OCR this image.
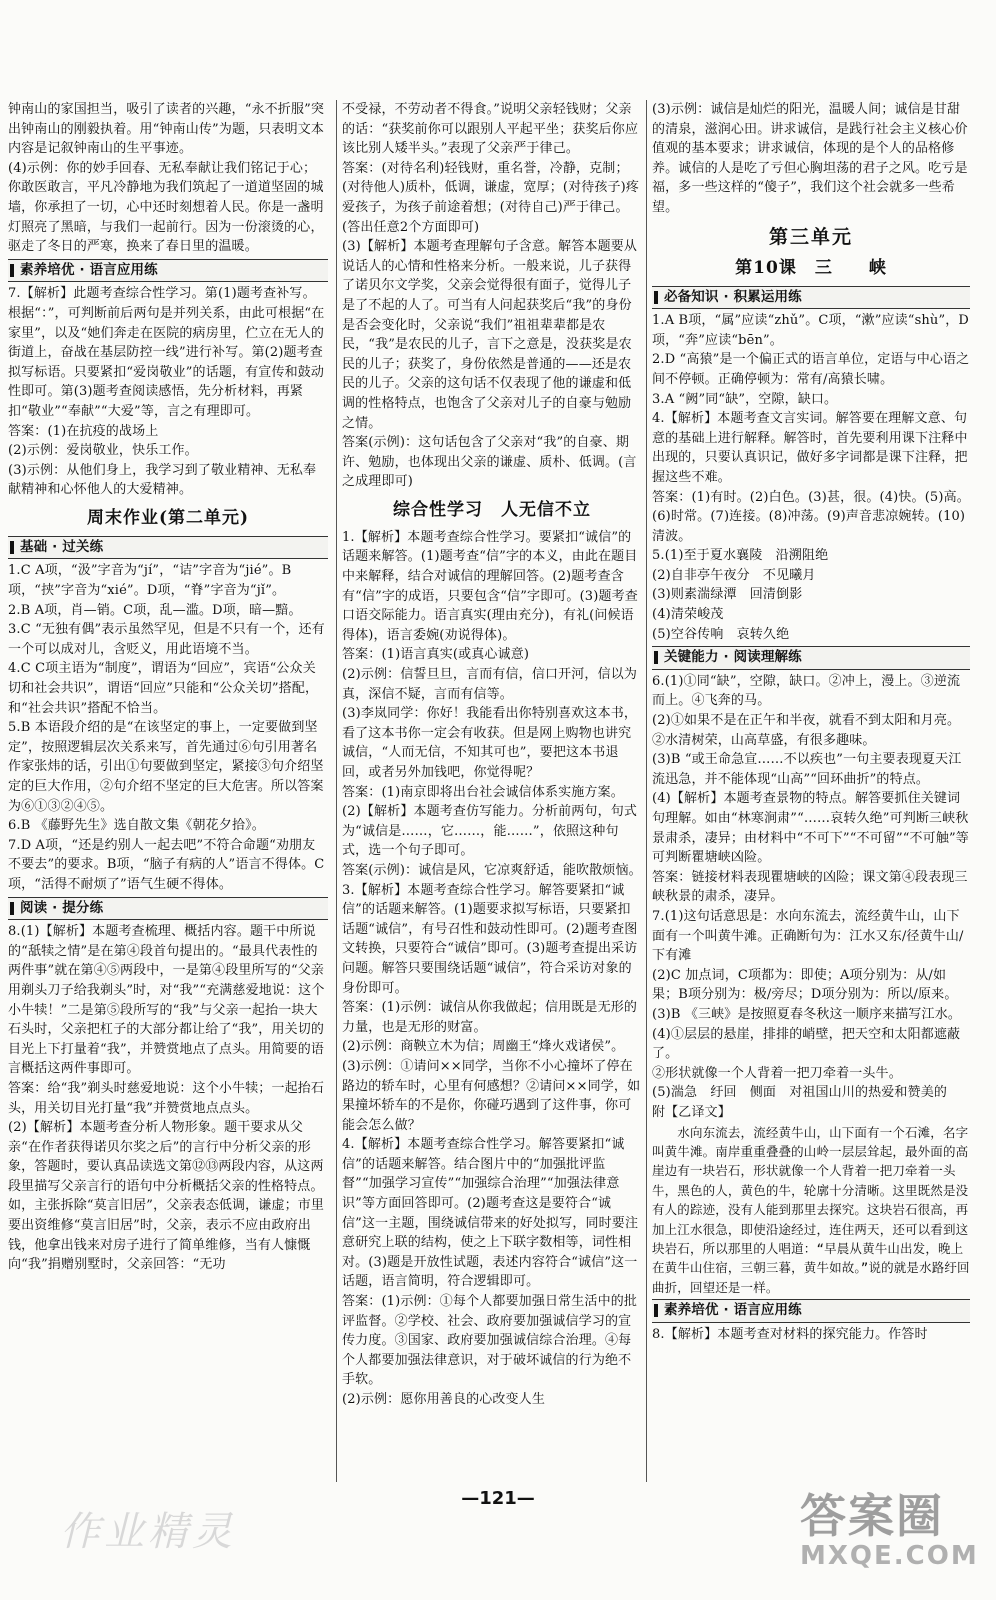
钟南山的家国担当，吸引了读者的兴趣，“永不折服”突出钟南山的刚毅执着。用“钟南山传”为题，只表明文本内容是记叙钟南山的生平事迹。
(4)示例：你的妙手回春、无私奉献让我们铭记于心；你敢医敢言，平凡冷静地为我们筑起了一道道坚固的城墙，你承担了一切，心中还时刻想着人民。你是一盏明灯照亮了黑暗，与我们一起前行。因为一份滚烫的心，驱走了冬日的严寒，换来了春日里的温暖。
素养培优 · 语言应用练
7.【解析】此题考查综合性学习。第(1)题考查补写。根据“：”，可判断前后两句是并列关系，由此可根据“在家里”，以及“她们奔走在医院的病房里，伫立在无人的街道上，奋战在基层防控一线”进行补写。第(2)题考查拟写标语。只要紧扣“爱岗敬业”的话题，有宣传和鼓动性即可。第(3)题考查阅读感悟，先分析材料，再紧扣“敬业”“奉献”“大爱”等，言之有理即可。
答案：(1)在抗疫的战场上
(2)示例：爱岗敬业，快乐工作。
(3)示例：从他们身上，我学习到了敬业精神、无私奉献精神和心怀他人的大爱精神。
周末作业(第二单元)
基础 · 过关练
1.C A项，“汲”字音为“jí”，“诘”字音为“jié”。B项，“挟”字音为“xié”。D项，“脊”字音为“jǐ”。
2.B A项，肖—销。C项，乱—滥。D项，暗—黯。
3.C “无独有偶”表示虽然罕见，但是不只有一个，还有一个可以成对儿，含贬义，用此语境不当。
4.C C项主语为“制度”，谓语为“回应”，宾语“公众关切和社会共识”，谓语“回应”只能和“公众关切”搭配，和“社会共识”搭配不恰当。
5.B 本语段介绍的是“在该坚定的事上，一定要做到坚定”，按照逻辑层次关系来写，首先通过⑥句引用著名作家张炜的话，引出①句要做到坚定，紧接③句介绍坚定的巨大作用，②句介绍不坚定的巨大危害。所以答案为⑥①③②④⑤。
6.B 《藤野先生》选自散文集《朝花夕拾》。
7.D A项，“还是约别人一起去吧”不符合命题“劝朋友不要去”的要求。B项，“脑子有病的人”语言不得体。C项，“活得不耐烦了”语气生硬不得体。
阅读 · 提分练
8.(1)【解析】本题考查梳理、概括内容。题干中所说的“舐犊之情”是在第④段首句提出的。“最具代表性的两件事”就在第④⑤两段中，一是第④段里所写的“父亲用剃头刀子给我剃头”时，对“我”“充满慈爱地说：这个小牛犊！”二是第⑤段所写的“我”与父亲一起抬一块大石头时，父亲把杠子的大部分都让给了“我”，用关切的目光上下打量着“我”，并赞赏地点了点头。用简要的语言概括这两件事即可。
答案：给“我”剃头时慈爱地说：这个小牛犊；一起抬石头，用关切目光打量“我”并赞赏地点点头。
(2)【解析】本题考查分析人物形象。题干要求从父亲“在作者获得诺贝尔奖之后”的言行中分析父亲的形象，答题时，要认真品读选文第⑫⑬两段内容，从这两段里描写父亲言行的语句中分析概括父亲的性格特点。如，主张拆除“莫言旧居”，父亲表态低调，谦虚；市里要出资维修“莫言旧居”时，父亲，表示不应由政府出钱，他拿出钱来对房子进行了简单维修，当有人慷慨向“我”捐赠别墅时，父亲回答：“无功
不受禄，不劳动者不得食。”说明父亲轻钱财；父亲的话：“获奖前你可以跟别人平起平坐；获奖后你应该比别人矮半头。”表现了父亲严于律己。
答案：(对待名利)轻钱财，重名誉，冷静，克制；(对待他人)质朴，低调，谦虚，宽厚；(对待孩子)疼爱孩子，为孩子前途着想；(对待自己)严于律己。(答出任意2个方面即可)
(3)【解析】本题考查理解句子含意。解答本题要从说话人的心情和性格来分析。一般来说，儿子获得了诺贝尔文学奖，父亲会觉得很有面子，觉得儿子是了不起的人了。可当有人问起获奖后“我”的身份是否会变化时，父亲说“我们”祖祖辈辈都是农民，“我”是农民的儿子，言下之意是，没获奖是农民的儿子；获奖了，身份依然是普通的——还是农民的儿子。父亲的这句话不仅表现了他的谦虚和低调的性格特点，也饱含了父亲对儿子的自豪与勉励之情。
答案(示例)：这句话包含了父亲对“我”的自豪、期许、勉励，也体现出父亲的谦虚、质朴、低调。(言之成理即可)
综合性学习　人无信不立
1.【解析】本题考查综合性学习。要紧扣“诚信”的话题来解答。(1)题考查“信”字的本义，由此在题目中来解释，结合对诚信的理解回答。(2)题考查含有“信”字的成语，只要包含“信”字即可。(3)题考查口语交际能力。语言真实(理由充分)，有礼(问候语得体)，语言委婉(劝说得体)。
答案：(1)语言真实(或真心诚意)
(2)示例：信誓旦旦，言而有信，信口开河，信以为真，深信不疑，言而有信等。
(3)李岚同学：你好！我能看出你特别喜欢这本书，看了这本书你一定会有收获。但是网上购物也讲究诚信，“人而无信，不知其可也”，要把这本书退回，或者另外加钱吧，你觉得呢？
答案：(1)南京即将出台社会诚信体系实施方案。
(2)【解析】本题考查仿写能力。分析前两句，句式为“诚信是……，它……，能……”，依照这种句式，选一个句子即可。
答案(示例)：诚信是风，它凉爽舒适，能吹散烦恼。
3.【解析】本题考查综合性学习。解答要紧扣“诚信”的话题来解答。(1)题要求拟写标语，只要紧扣话题“诚信”，有号召性和鼓动性即可。(2)题考查图文转换，只要符合“诚信”即可。(3)题考查提出采访问题。解答只要围绕话题“诚信”，符合采访对象的身份即可。
答案：(1)示例：诚信从你我做起；信用既是无形的力量，也是无形的财富。
(2)示例：商鞅立木为信；周幽王“烽火戏诸侯”。
(3)示例：①请问××同学，当你不小心撞坏了停在路边的轿车时，心里有何感想？②请问××同学，如果撞坏轿车的不是你，你碰巧遇到了这件事，你可能会怎么做？
4.【解析】本题考查综合性学习。解答要紧扣“诚信”的话题来解答。结合图片中的“加强批评监督”“加强学习宣传”“加强综合治理”“加强法律意识”等方面回答即可。(2)题考查这是要符合“诚信”这一主题，围绕诚信带来的好处拟写，同时要注意研究上联的结构，使之上下联字数相等，词性相对。(3)题是开放性试题，表述内容符合“诚信”这一话题，语言简明，符合逻辑即可。
答案：(1)示例：①每个人都要加强日常生活中的批评监督。②学校、社会、政府要加强诚信学习的宣传力度。③国家、政府要加强诚信综合治理。④每个人都要加强法律意识，对于破坏诚信的行为绝不手软。
(2)示例：愿你用善良的心改变人生
(3)示例：诚信是灿烂的阳光，温暖人间；诚信是甘甜的清泉，滋润心田。讲求诚信，是践行社会主义核心价值观的基本要求；讲求诚信，体现的是个人的品格修养。诚信的人是吃了亏但心胸坦荡的君子之风。吃亏是福，多一些这样的“傻子”，我们这个社会就多一些希望。
第三单元
第10课　三　　峡
必备知识 · 积累运用练
1.A B项，“属”应读“zhǔ”。C项，“漱”应读“shù”，D项，“奔”应读“bēn”。
2.D “高猿”是一个偏正式的语言单位，定语与中心语之间不停顿。正确停顿为：常有/高猿长啸。
3.A “阙”同“缺”，空隙，缺口。
4.【解析】本题考查文言实词。解答要在理解文意、句意的基础上进行解释。解答时，首先要利用课下注释中出现的，只要认真识记，做好多字词都是课下注释，把握这些不难。
答案：(1)有时。(2)白色。(3)甚，很。(4)快。(5)高。(6)时常。(7)连接。(8)冲荡。(9)声音悲凉婉转。(10)清波。
5.(1)至于夏水襄陵　沿溯阻绝
(2)自非亭午夜分　不见曦月
(3)则素湍绿潭　回清倒影
(4)清荣峻茂
(5)空谷传响　哀转久绝
关键能力 · 阅读理解练
6.(1)①同“缺”，空隙，缺口。②冲上，漫上。③逆流而上。④飞奔的马。
(2)①如果不是在正午和半夜，就看不到太阳和月亮。
②水清树荣，山高草盛，有很多趣味。
(3)B “或王命急宣……不以疾也”一句主要表现夏天江流迅急，并不能体现“山高”“回环曲折”的特点。
(4)【解析】本题考查景物的特点。解答要抓住关键词句理解。如由“林寒涧肃”“……哀转久绝”可判断三峡秋景肃杀，凄异；由材料中“不可下”“不可留”“不可触”等可判断瞿塘峡凶险。
答案：链接材料表现瞿塘峡的凶险；课文第④段表现三峡秋景的肃杀，凄异。
7.(1)这句话意思是：水向东流去，流经黄牛山，山下面有一个叫黄牛滩。正确断句为：江水又东/径黄牛山/下有滩
(2)C 加点词，C项都为：即使；A项分别为：从/如果；B项分别为：极/旁尽；D项分别为：所以/原来。
(3)B 《三峡》是按照夏春冬秋这一顺序来描写江水。
(4)①层层的悬崖，排排的峭壁，把天空和太阳都遮蔽了。
②形状就像一个人背着一把刀牵着一头牛。
(5)湍急　纡回　侧面　对祖国山川的热爱和赞美的
附【乙译文】
　　水向东流去，流经黄牛山，山下面有一个石滩，名字叫黄牛滩。南岸重重叠叠的山岭一层层耸起，最外面的高崖边有一块岩石，形状就像一个人背着一把刀牵着一头牛，黑色的人，黄色的牛，轮廓十分清晰。这里既然是没有人的踪迹，没有人能到那里去探究。这块岩石很高，再加上江水很急，即使沿途经过，连住两天，还可以看到这块岩石，所以那里的人唱道：“早晨从黄牛山出发，晚上在黄牛山住宿，三朝三暮，黄牛如故。”说的就是水路纡回曲折，回望还是一样。
素养培优 · 语言应用练
8.【解析】本题考查对材料的探究能力。作答时
—121—
作业精灵	答案圈
MXQE.COM
